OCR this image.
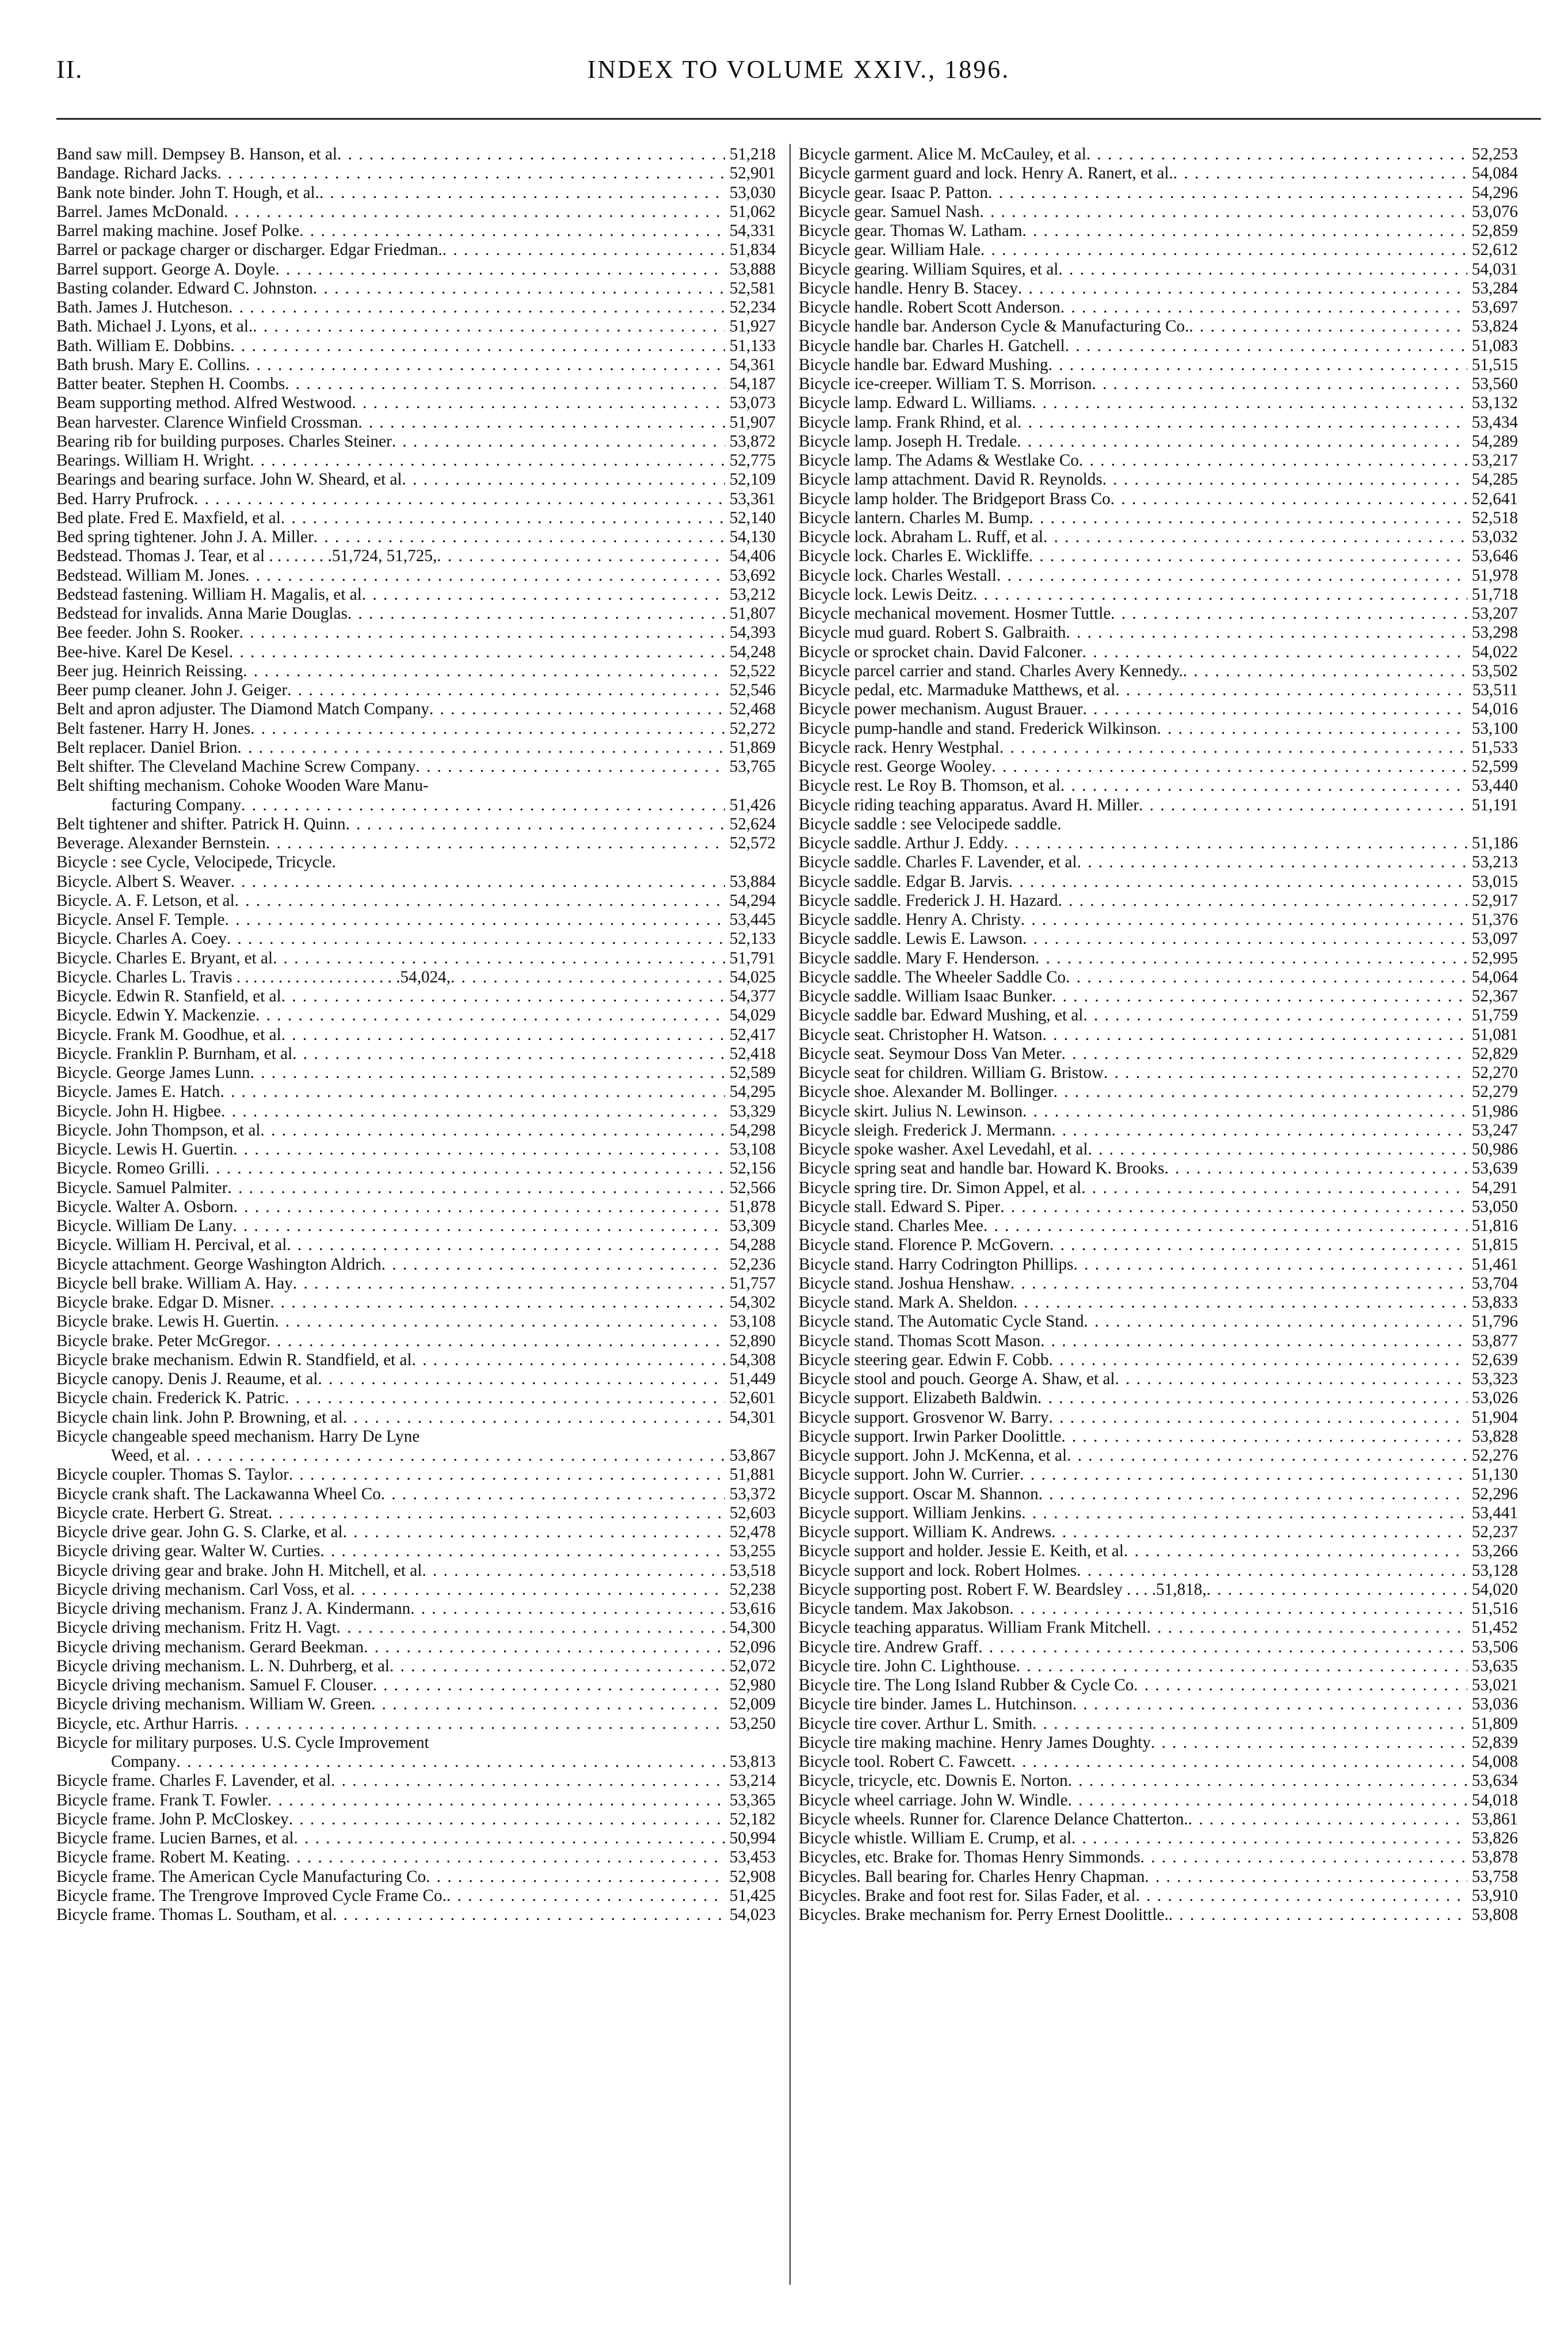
II.	INDEX TO VOLUME XXIV., 1896.
Band saw mill. Dempsey B. Hanson, et al . . .	51,218
Bandage. Richard Jacks . . .	52,901
Bank note binder. John T. Hough, et al. . . .	53,030
Barrel. James McDonald . . .	51,062
Barrel making machine. Josef Polke . . .	54,331
Barrel or package charger or discharger. Edgar Friedman. . . .	51,834
Barrel support. George A. Doyle . . .	53,888
Basting colander. Edward C. Johnston . . .	52,581
Bath. James J. Hutcheson . . .	52,234
Bath. Michael J. Lyons, et al. . . .	51,927
Bath. William E. Dobbins . . .	51,133
Bath brush. Mary E. Collins . . .	54,361
Batter beater. Stephen H. Coombs . . .	54,187
Beam supporting method. Alfred Westwood . . .	53,073
Bean harvester. Clarence Winfield Crossman . . .	51,907
Bearing rib for building purposes. Charles Steiner . . .	53,872
Bearings. William H. Wright . . .	52,775
Bearings and bearing surface. John W. Sheard, et al . . .	52,109
Bed. Harry Prufrock . . .	53,361
Bed plate. Fred E. Maxfield, et al . . .	52,140
Bed spring tightener. John J. A. Miller . . .	54,130
Bedstead. Thomas J. Tear, et al . . . . . . . .51,724, 51,725, . . .	54,406
Bedstead. William M. Jones . . .	53,692
Bedstead fastening. William H. Magalis, et al . . .	53,212
Bedstead for invalids. Anna Marie Douglas . . .	51,807
Bee feeder. John S. Rooker . . .	54,393
Bee-hive. Karel De Kesel . . .	54,248
Beer jug. Heinrich Reissing . . .	52,522
Beer pump cleaner. John J. Geiger . . .	52,546
Belt and apron adjuster. The Diamond Match Company . . .	52,468
Belt fastener. Harry H. Jones . . .	52,272
Belt replacer. Daniel Brion . . .	51,869
Belt shifter. The Cleveland Machine Screw Company . . .	53,765
Belt shifting mechanism. Cohoke Wooden Ware Manu-
facturing Company . . .	51,426
Belt tightener and shifter. Patrick H. Quinn . . .	52,624
Beverage. Alexander Bernstein . . .	52,572
Bicycle : see Cycle, Velocipede, Tricycle.
Bicycle. Albert S. Weaver . . .	53,884
Bicycle. A. F. Letson, et al . . .	54,294
Bicycle. Ansel F. Temple . . .	53,445
Bicycle. Charles A. Coey . . .	52,133
Bicycle. Charles E. Bryant, et al . . .	51,791
Bicycle. Charles L. Travis . . . . . . . . . . . . . . . . . . . .54,024, . . .	54,025
Bicycle. Edwin R. Stanfield, et al . . .	54,377
Bicycle. Edwin Y. Mackenzie . . .	54,029
Bicycle. Frank M. Goodhue, et al . . .	52,417
Bicycle. Franklin P. Burnham, et al . . .	52,418
Bicycle. George James Lunn . . .	52,589
Bicycle. James E. Hatch . . .	54,295
Bicycle. John H. Higbee . . .	53,329
Bicycle. John Thompson, et al . . .	54,298
Bicycle. Lewis H. Guertin . . .	53,108
Bicycle. Romeo Grilli . . .	52,156
Bicycle. Samuel Palmiter . . .	52,566
Bicycle. Walter A. Osborn . . .	51,878
Bicycle. William De Lany . . .	53,309
Bicycle. William H. Percival, et al . . .	54,288
Bicycle attachment. George Washington Aldrich . . .	52,236
Bicycle bell brake. William A. Hay . . .	51,757
Bicycle brake. Edgar D. Misner . . .	54,302
Bicycle brake. Lewis H. Guertin . . .	53,108
Bicycle brake. Peter McGregor . . .	52,890
Bicycle brake mechanism. Edwin R. Standfield, et al . . .	54,308
Bicycle canopy. Denis J. Reaume, et al . . .	51,449
Bicycle chain. Frederick K. Patric . . .	52,601
Bicycle chain link. John P. Browning, et al . . .	54,301
Bicycle changeable speed mechanism. Harry De Lyne
Weed, et al . . .	53,867
Bicycle coupler. Thomas S. Taylor . . .	51,881
Bicycle crank shaft. The Lackawanna Wheel Co . . .	53,372
Bicycle crate. Herbert G. Streat . . .	52,603
Bicycle drive gear. John G. S. Clarke, et al . . .	52,478
Bicycle driving gear. Walter W. Curties . . .	53,255
Bicycle driving gear and brake. John H. Mitchell, et al . . .	53,518
Bicycle driving mechanism. Carl Voss, et al . . .	52,238
Bicycle driving mechanism. Franz J. A. Kindermann . . .	53,616
Bicycle driving mechanism. Fritz H. Vagt . . .	54,300
Bicycle driving mechanism. Gerard Beekman . . .	52,096
Bicycle driving mechanism. L. N. Duhrberg, et al . . .	52,072
Bicycle driving mechanism. Samuel F. Clouser . . .	52,980
Bicycle driving mechanism. William W. Green . . .	52,009
Bicycle, etc. Arthur Harris . . .	53,250
Bicycle for military purposes. U.S. Cycle Improvement
Company . . .	53,813
Bicycle frame. Charles F. Lavender, et al . . .	53,214
Bicycle frame. Frank T. Fowler . . .	53,365
Bicycle frame. John P. McCloskey . . .	52,182
Bicycle frame. Lucien Barnes, et al . . .	50,994
Bicycle frame. Robert M. Keating . . .	53,453
Bicycle frame. The American Cycle Manufacturing Co . . .	52,908
Bicycle frame. The Trengrove Improved Cycle Frame Co. . . .	51,425
Bicycle frame. Thomas L. Southam, et al . . .	54,023
Bicycle garment. Alice M. McCauley, et al . . .	52,253
Bicycle garment guard and lock. Henry A. Ranert, et al. . . .	54,084
Bicycle gear. Isaac P. Patton . . .	54,296
Bicycle gear. Samuel Nash . . .	53,076
Bicycle gear. Thomas W. Latham . . .	52,859
Bicycle gear. William Hale . . .	52,612
Bicycle gearing. William Squires, et al . . .	54,031
Bicycle handle. Henry B. Stacey . . .	53,284
Bicycle handle. Robert Scott Anderson . . .	53,697
Bicycle handle bar. Anderson Cycle & Manufacturing Co. . . .	53,824
Bicycle handle bar. Charles H. Gatchell . . .	51,083
Bicycle handle bar. Edward Mushing . . .	51,515
Bicycle ice-creeper. William T. S. Morrison . . .	53,560
Bicycle lamp. Edward L. Williams . . .	53,132
Bicycle lamp. Frank Rhind, et al . . .	53,434
Bicycle lamp. Joseph H. Tredale . . .	54,289
Bicycle lamp. The Adams & Westlake Co . . .	53,217
Bicycle lamp attachment. David R. Reynolds . . .	54,285
Bicycle lamp holder. The Bridgeport Brass Co . . .	52,641
Bicycle lantern. Charles M. Bump . . .	52,518
Bicycle lock. Abraham L. Ruff, et al . . .	53,032
Bicycle lock. Charles E. Wickliffe . . .	53,646
Bicycle lock. Charles Westall . . .	51,978
Bicycle lock. Lewis Deitz . . .	51,718
Bicycle mechanical movement. Hosmer Tuttle . . .	53,207
Bicycle mud guard. Robert S. Galbraith . . .	53,298
Bicycle or sprocket chain. David Falconer . . .	54,022
Bicycle parcel carrier and stand. Charles Avery Kennedy. . . .	53,502
Bicycle pedal, etc. Marmaduke Matthews, et al . . .	53,511
Bicycle power mechanism. August Brauer . . .	54,016
Bicycle pump-handle and stand. Frederick Wilkinson . . .	53,100
Bicycle rack. Henry Westphal . . .	51,533
Bicycle rest. George Wooley . . .	52,599
Bicycle rest. Le Roy B. Thomson, et al . . .	53,440
Bicycle riding teaching apparatus. Avard H. Miller . . .	51,191
Bicycle saddle : see Velocipede saddle.
Bicycle saddle. Arthur J. Eddy . . .	51,186
Bicycle saddle. Charles F. Lavender, et al . . .	53,213
Bicycle saddle. Edgar B. Jarvis . . .	53,015
Bicycle saddle. Frederick J. H. Hazard . . .	52,917
Bicycle saddle. Henry A. Christy . . .	51,376
Bicycle saddle. Lewis E. Lawson . . .	53,097
Bicycle saddle. Mary F. Henderson . . .	52,995
Bicycle saddle. The Wheeler Saddle Co . . .	54,064
Bicycle saddle. William Isaac Bunker . . .	52,367
Bicycle saddle bar. Edward Mushing, et al . . .	51,759
Bicycle seat. Christopher H. Watson . . .	51,081
Bicycle seat. Seymour Doss Van Meter . . .	52,829
Bicycle seat for children. William G. Bristow . . .	52,270
Bicycle shoe. Alexander M. Bollinger . . .	52,279
Bicycle skirt. Julius N. Lewinson . . .	51,986
Bicycle sleigh. Frederick J. Mermann . . .	53,247
Bicycle spoke washer. Axel Levedahl, et al . . .	50,986
Bicycle spring seat and handle bar. Howard K. Brooks . . .	53,639
Bicycle spring tire. Dr. Simon Appel, et al . . .	54,291
Bicycle stall. Edward S. Piper . . .	53,050
Bicycle stand. Charles Mee . . .	51,816
Bicycle stand. Florence P. McGovern . . .	51,815
Bicycle stand. Harry Codrington Phillips . . .	51,461
Bicycle stand. Joshua Henshaw . . .	53,704
Bicycle stand. Mark A. Sheldon . . .	53,833
Bicycle stand. The Automatic Cycle Stand . . .	51,796
Bicycle stand. Thomas Scott Mason . . .	53,877
Bicycle steering gear. Edwin F. Cobb . . .	52,639
Bicycle stool and pouch. George A. Shaw, et al . . .	53,323
Bicycle support. Elizabeth Baldwin . . .	53,026
Bicycle support. Grosvenor W. Barry . . .	51,904
Bicycle support. Irwin Parker Doolittle . . .	53,828
Bicycle support. John J. McKenna, et al . . .	52,276
Bicycle support. John W. Currier . . .	51,130
Bicycle support. Oscar M. Shannon . . .	52,296
Bicycle support. William Jenkins . . .	53,441
Bicycle support. William K. Andrews . . .	52,237
Bicycle support and holder. Jessie E. Keith, et al . . .	53,266
Bicycle support and lock. Robert Holmes . . .	53,128
Bicycle supporting post. Robert F. W. Beardsley . . . .51,818, . . .	54,020
Bicycle tandem. Max Jakobson . . .	51,516
Bicycle teaching apparatus. William Frank Mitchell . . .	51,452
Bicycle tire. Andrew Graff . . .	53,506
Bicycle tire. John C. Lighthouse . . .	53,635
Bicycle tire. The Long Island Rubber & Cycle Co . . .	53,021
Bicycle tire binder. James L. Hutchinson . . .	53,036
Bicycle tire cover. Arthur L. Smith . . .	51,809
Bicycle tire making machine. Henry James Doughty . . .	52,839
Bicycle tool. Robert C. Fawcett . . .	54,008
Bicycle, tricycle, etc. Downis E. Norton . . .	53,634
Bicycle wheel carriage. John W. Windle . . .	54,018
Bicycle wheels. Runner for. Clarence Delance Chatterton. . . .	53,861
Bicycle whistle. William E. Crump, et al . . .	53,826
Bicycles, etc. Brake for. Thomas Henry Simmonds . . .	53,878
Bicycles. Ball bearing for. Charles Henry Chapman . . .	53,758
Bicycles. Brake and foot rest for. Silas Fader, et al . . .	53,910
Bicycles. Brake mechanism for. Perry Ernest Doolittle. . . .	53,808
